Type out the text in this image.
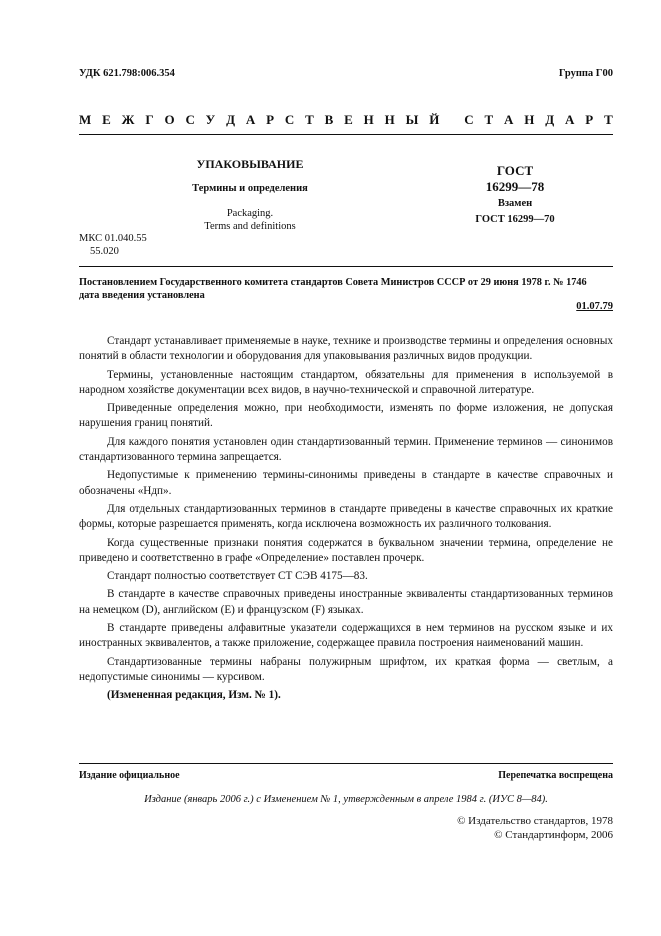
УДК 621.798:006.354	Группа Г00
М Е Ж Г О С У Д А Р С Т В Е Н Н Ы Й
С Т А Н Д А Р Т
УПАКОВЫВАНИЕ
Термины и определения
Packaging.
Terms and definitions
ГОСТ
16299—78
Взамен
ГОСТ 16299—70
МКС 01.040.55
55.020
Постановлением Государственного комитета стандартов Совета Министров СССР от 29 июня 1978 г. № 1746
дата введения установлена
01.07.79

Стандарт устанавливает применяемые в науке, технике и производстве термины и определения основных понятий в области технологии и оборудования для упаковывания различных видов продукции.

Термины, установленные настоящим стандартом, обязательны для применения в используемой в народном хозяйстве документации всех видов, в научно-технической и справочной литературе.

Приведенные определения можно, при необходимости, изменять по форме изложения, не допуская нарушения границ понятий.

Для каждого понятия установлен один стандартизованный термин. Применение терминов — синонимов стандартизованного термина запрещается.

Недопустимые к применению термины-синонимы приведены в стандарте в качестве справочных и обозначены «Ндп».

Для отдельных стандартизованных терминов в стандарте приведены в качестве справочных их краткие формы, которые разрешается применять, когда исключена возможность их различного толкования.

Когда существенные признаки понятия содержатся в буквальном значении термина, определение не приведено и соответственно в графе «Определение» поставлен прочерк.

Стандарт полностью соответствует СТ СЭВ 4175—83.

В стандарте в качестве справочных приведены иностранные эквиваленты стандартизованных терминов на немецком (D), английском (E) и французском (F) языках.

В стандарте приведены алфавитные указатели содержащихся в нем терминов на русском языке и их иностранных эквивалентов, а также приложение, содержащее правила построения наименований машин.

Стандартизованные термины набраны полужирным шрифтом, их краткая форма — светлым, а недопустимые синонимы — курсивом.

(Измененная редакция, Изм. № 1).

Издание официальное	Перепечатка воспрещена
Издание (январь 2006 г.) с Изменением № 1, утвержденным в апреле 1984 г. (ИУС 8—84).
© Издательство стандартов, 1978
© Стандартинформ, 2006
